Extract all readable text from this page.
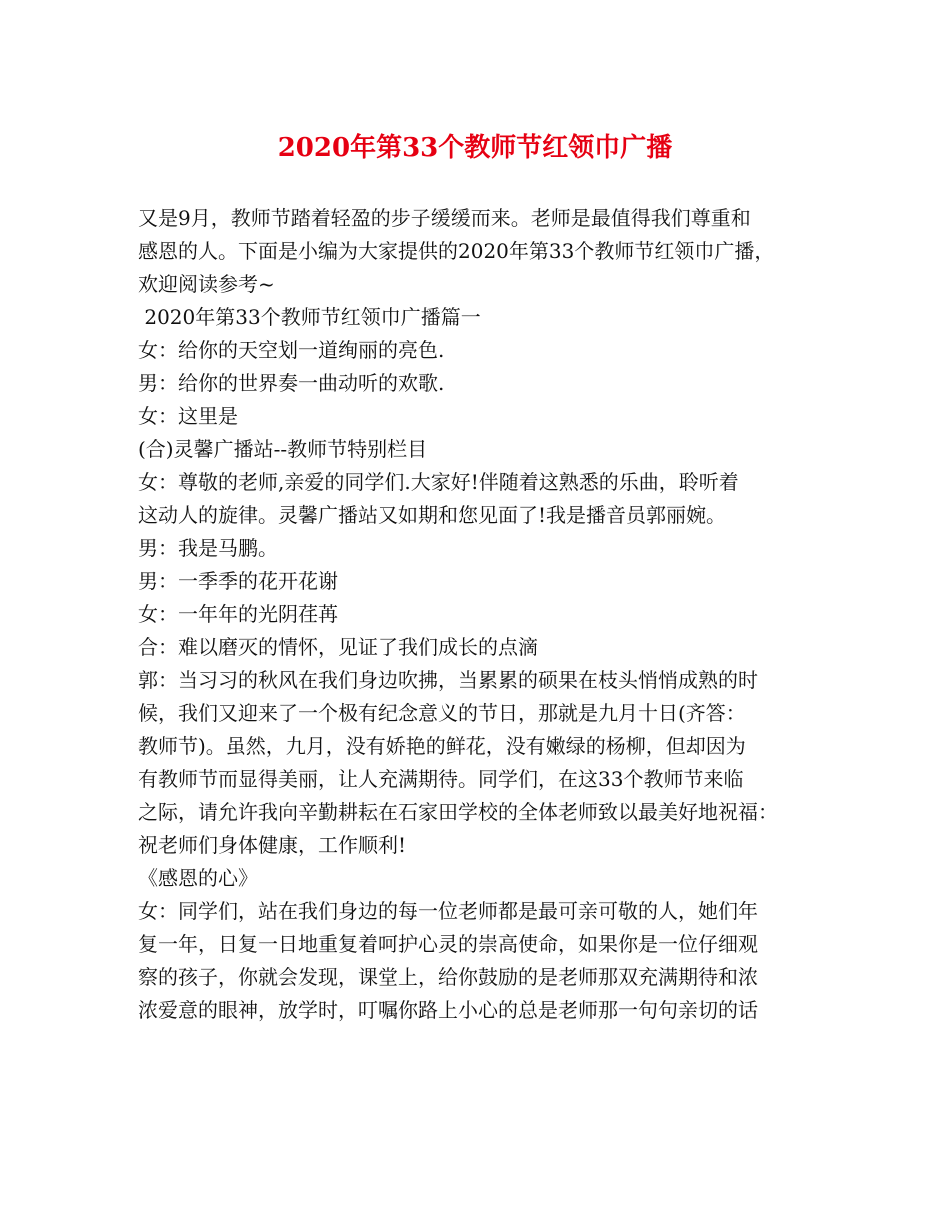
2020年第33个教师节红领巾广播
又是9月，教师节踏着轻盈的步子缓缓而来。老师是最值得我们尊重和
感恩的人。下面是小编为大家提供的2020年第33个教师节红领巾广播，
欢迎阅读参考~
2020年第33个教师节红领巾广播篇一
女：给你的天空划一道绚丽的亮色.
男：给你的世界奏一曲动听的欢歌.
女：这里是
(合)灵馨广播站--教师节特别栏目
女：尊敬的老师,亲爱的同学们.大家好!伴随着这熟悉的乐曲，聆听着
这动人的旋律。灵馨广播站又如期和您见面了!我是播音员郭丽婉。
男：我是马鹏。
男：一季季的花开花谢
女：一年年的光阴荏苒
合：难以磨灭的情怀，见证了我们成长的点滴
郭：当习习的秋风在我们身边吹拂，当累累的硕果在枝头悄悄成熟的时
候，我们又迎来了一个极有纪念意义的节日，那就是九月十日(齐答：
教师节)。虽然，九月，没有娇艳的鲜花，没有嫩绿的杨柳，但却因为
有教师节而显得美丽，让人充满期待。同学们，在这33个教师节来临
之际，请允许我向辛勤耕耘在石家田学校的全体老师致以最美好地祝福：
祝老师们身体健康，工作顺利!
《感恩的心》
女：同学们，站在我们身边的每一位老师都是最可亲可敬的人，她们年
复一年，日复一日地重复着呵护心灵的崇高使命，如果你是一位仔细观
察的孩子，你就会发现，课堂上，给你鼓励的是老师那双充满期待和浓
浓爱意的眼神，放学时，叮嘱你路上小心的总是老师那一句句亲切的话
